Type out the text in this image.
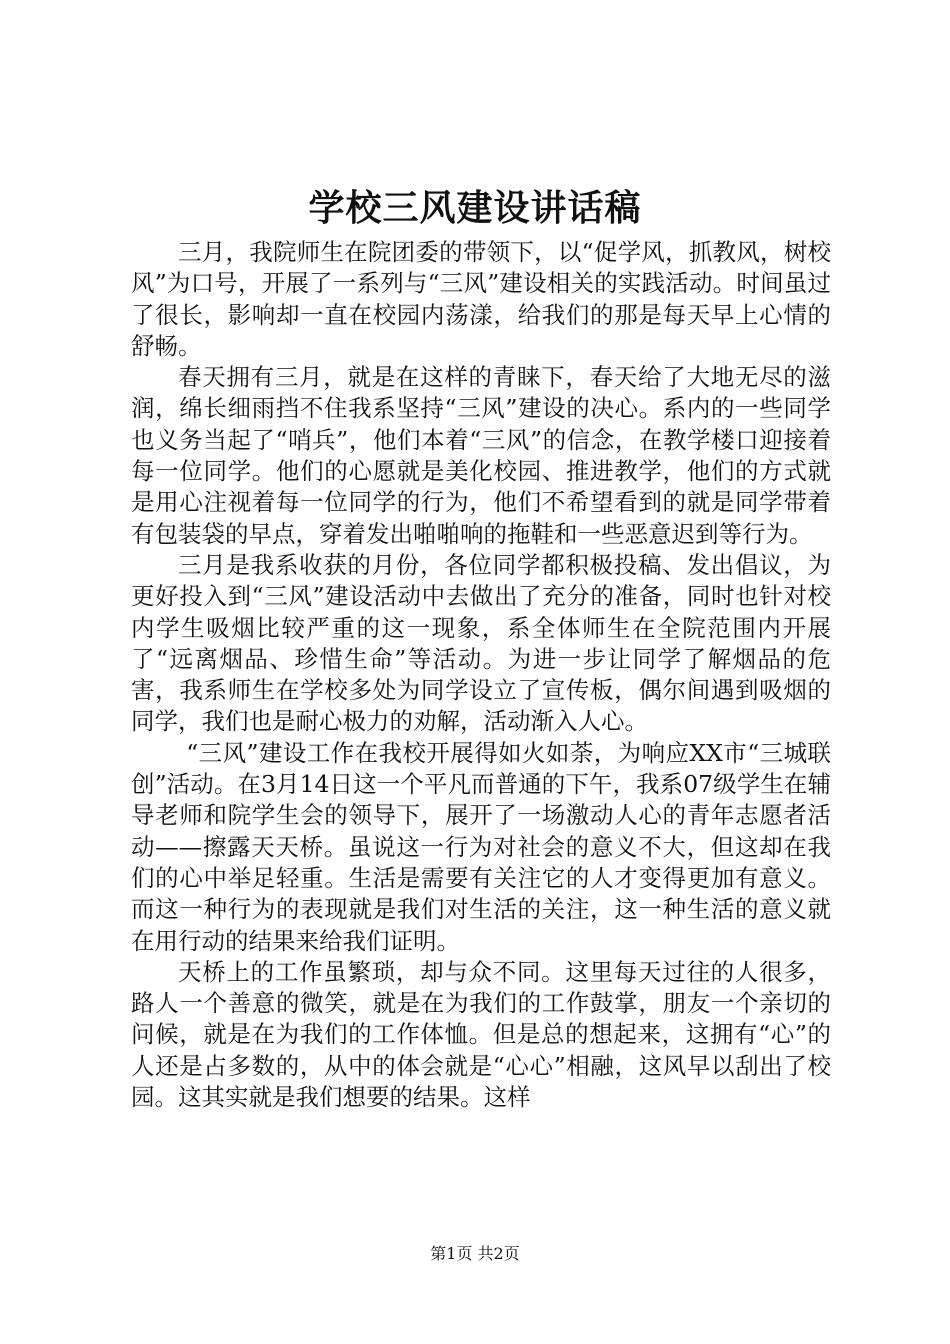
学校三风建设讲话稿

三月，我院师生在院团委的带领下，以“促学风，抓教风，树校风”为口号，开展了一系列与“三风”建设相关的实践活动。时间虽过了很长，影响却一直在校园内荡漾，给我们的那是每天早上心情的舒畅。

春天拥有三月，就是在这样的青睐下，春天给了大地无尽的滋润，绵长细雨挡不住我系坚持“三风”建设的决心。系内的一些同学也义务当起了“哨兵”，他们本着“三风”的信念，在教学楼口迎接着每一位同学。他们的心愿就是美化校园、推进教学，他们的方式就是用心注视着每一位同学的行为，他们不希望看到的就是同学带着有包装袋的早点，穿着发出啪啪响的拖鞋和一些恶意迟到等行为。

三月是我系收获的月份，各位同学都积极投稿、发出倡议，为更好投入到“三风”建设活动中去做出了充分的准备，同时也针对校内学生吸烟比较严重的这一现象，系全体师生在全院范围内开展了“远离烟品、珍惜生命”等活动。为进一步让同学了解烟品的危害，我系师生在学校多处为同学设立了宣传板，偶尔间遇到吸烟的同学，我们也是耐心极力的劝解，活动渐入人心。

“三风”建设工作在我校开展得如火如荼，为响应XX市“三城联创”活动。在3月14日这一个平凡而普通的下午，我系07级学生在辅导老师和院学生会的领导下，展开了一场激动人心的青年志愿者活动——擦露天天桥。虽说这一行为对社会的意义不大，但这却在我们的心中举足轻重。生活是需要有关注它的人才变得更加有意义。而这一种行为的表现就是我们对生活的关注，这一种生活的意义就在用行动的结果来给我们证明。

天桥上的工作虽繁琐，却与众不同。这里每天过往的人很多，路人一个善意的微笑，就是在为我们的工作鼓掌，朋友一个亲切的问候，就是在为我们的工作体恤。但是总的想起来，这拥有“心”的人还是占多数的，从中的体会就是“心心”相融，这风早以刮出了校园。这其实就是我们想要的结果。这样

第1页 共2页
